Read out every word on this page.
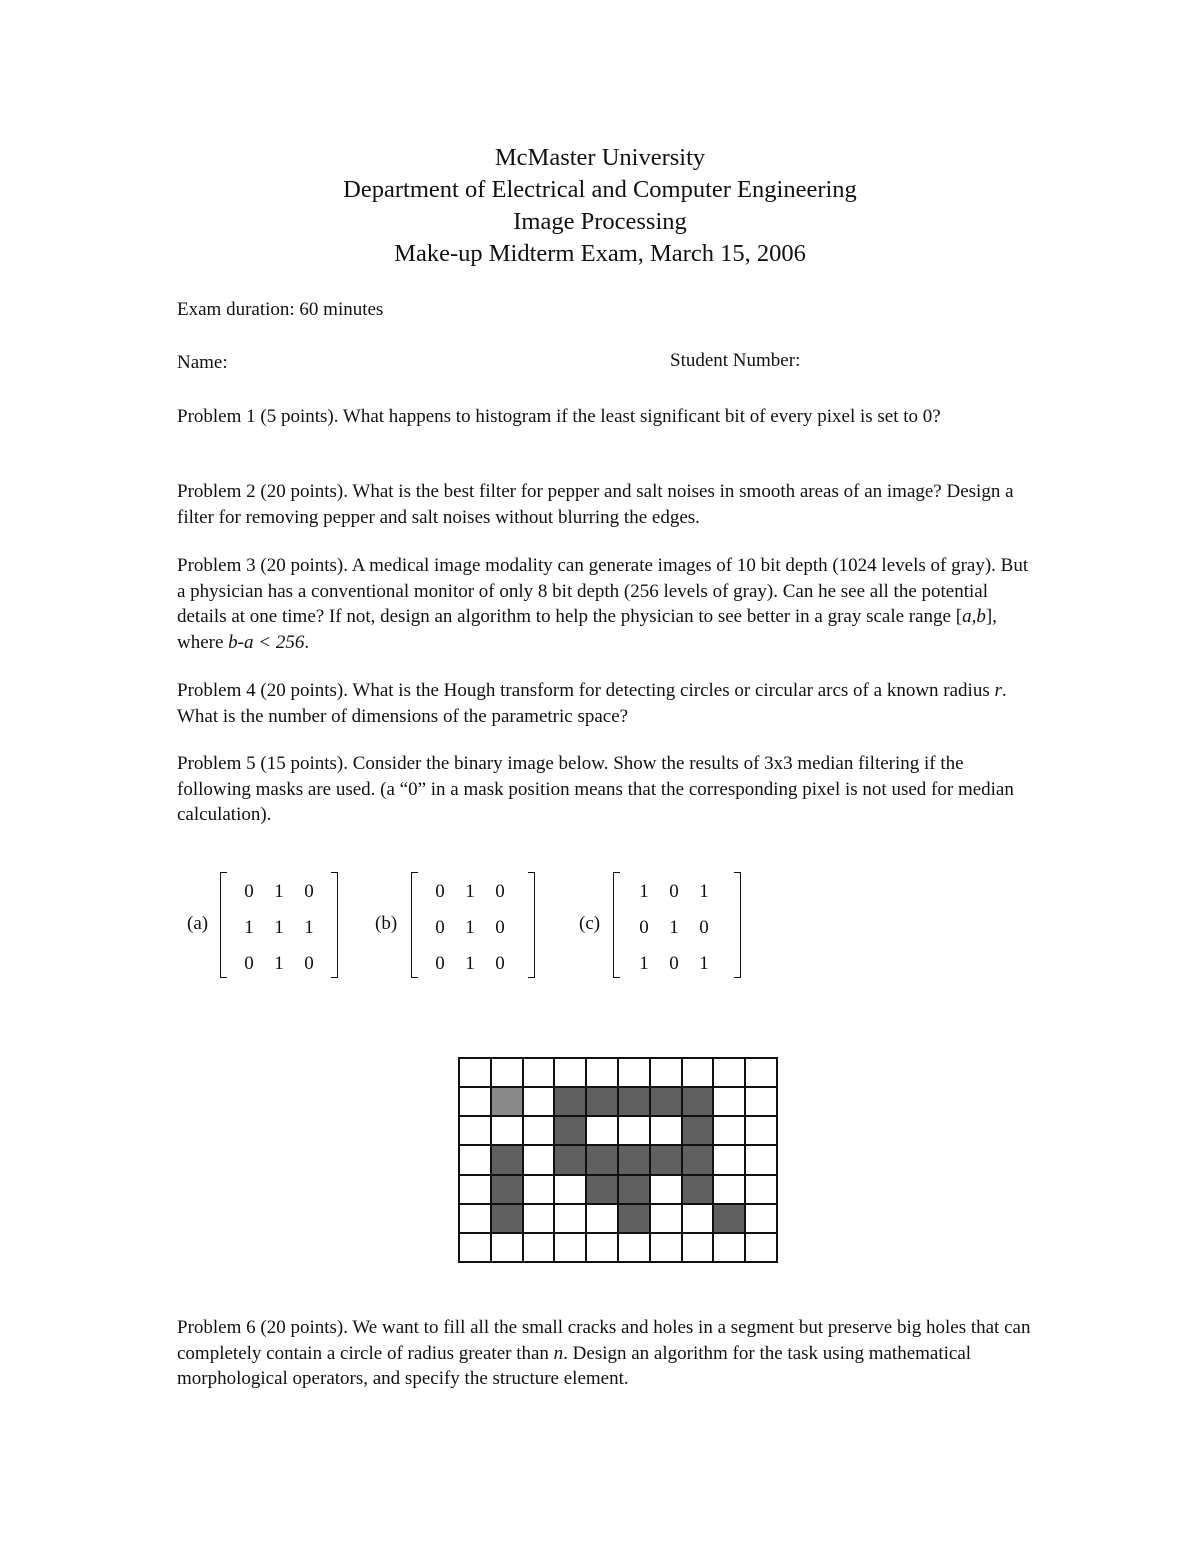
McMaster University
Department of Electrical and Computer Engineering
Image Processing
Make-up Midterm Exam, March 15, 2006
Exam duration: 60 minutes
Name:	Student Number:
Problem 1 (5 points). What happens to histogram if the least significant bit of every pixel is set to 0?
Problem 2 (20 points). What is the best filter for pepper and salt noises in smooth areas of an image? Design a filter for removing pepper and salt noises without blurring the edges.
Problem 3 (20 points). A medical image modality can generate images of 10 bit depth (1024 levels of gray). But a physician has a conventional monitor of only 8 bit depth (256 levels of gray). Can he see all the potential details at one time? If not, design an algorithm to help the physician to see better in a gray scale range [a,b], where b-a < 256.
Problem 4 (20 points). What is the Hough transform for detecting circles or circular arcs of a known radius r. What is the number of dimensions of the parametric space?
Problem 5 (15 points). Consider the binary image below. Show the results of 3x3 median filtering if the following masks are used. (a “0” in a mask position means that the corresponding pixel is not used for median calculation).
(a)
0	1	0
1	1	1
0	1	0
(b)
0	1	0
0	1	0
0	1	0
(c)
1	0	1
0	1	0
1	0	1
Problem 6 (20 points). We want to fill all the small cracks and holes in a segment but preserve big holes that can completely contain a circle of radius greater than n. Design an algorithm for the task using mathematical morphological operators, and specify the structure element.
